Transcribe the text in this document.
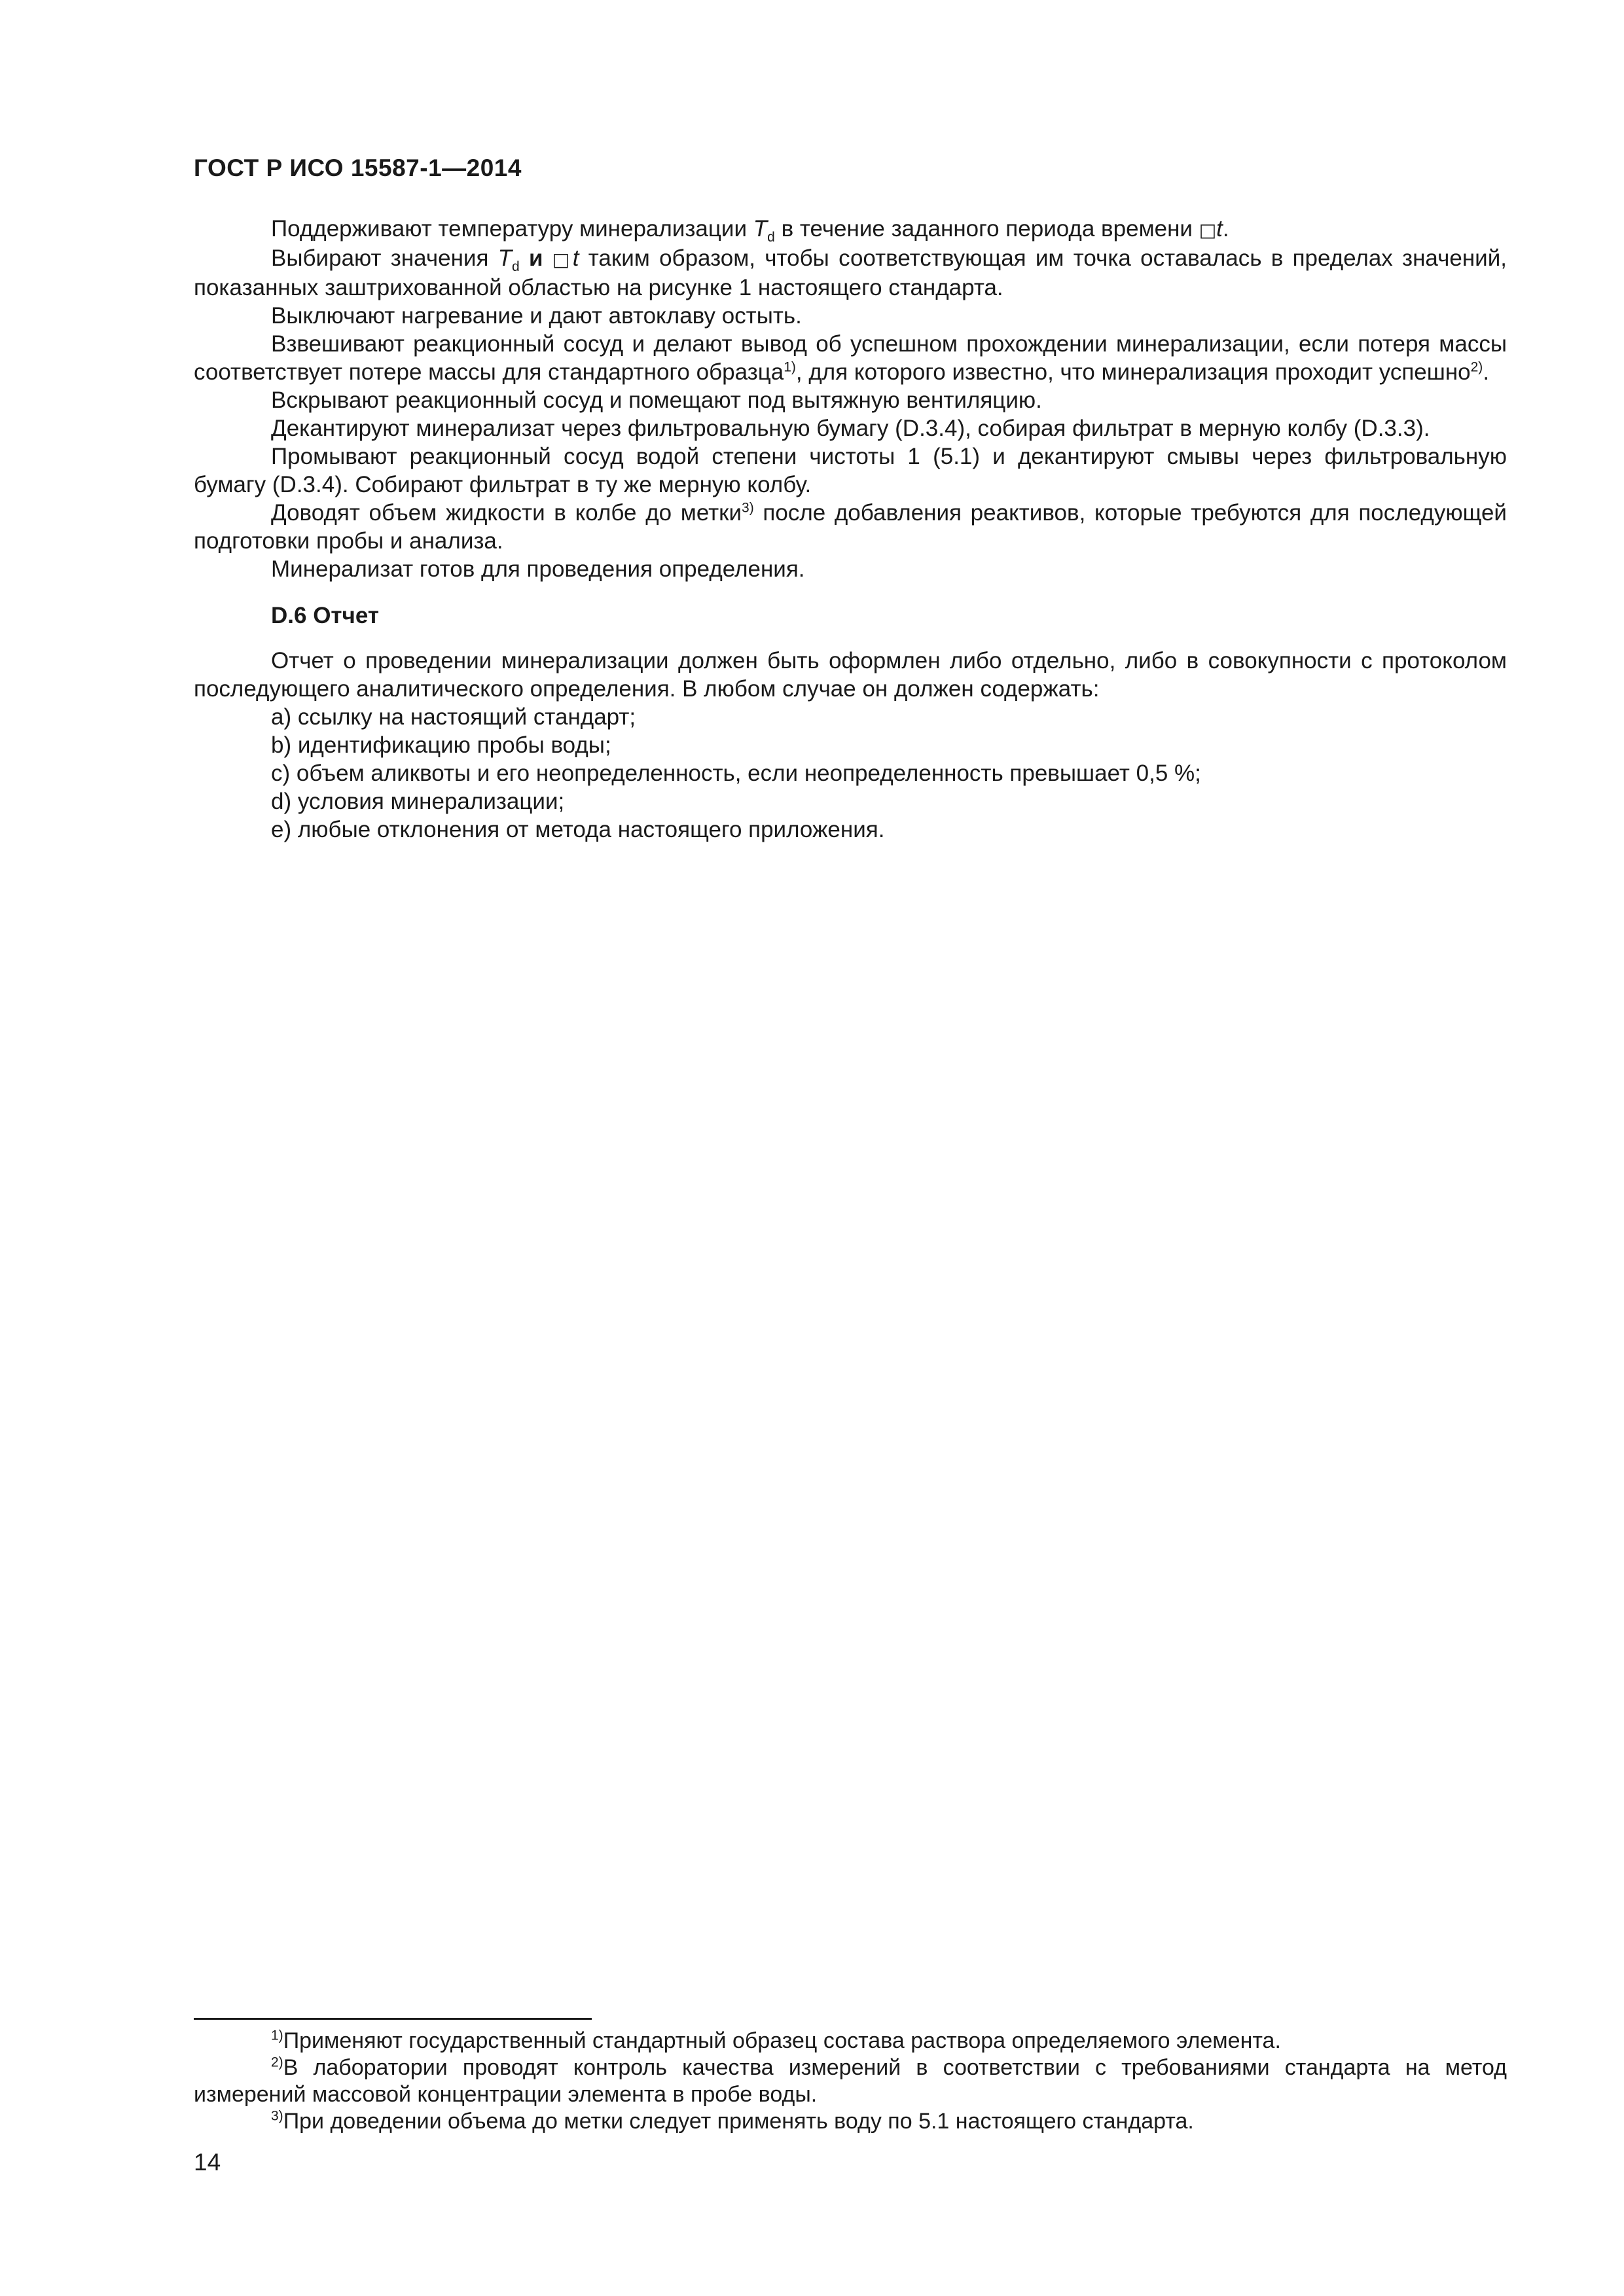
ГОСТ Р ИСО 15587-1—2014

Поддерживают температуру минерализации $T_d$ в течение заданного периода времени □t.

Выбирают значения $T_d$ и □t таким образом, чтобы соответствующая им точка оставалась в пределах значений, показанных заштрихованной областью на рисунке 1 настоящего стандарта.

Выключают нагревание и дают автоклаву остыть.

Взвешивают реакционный сосуд и делают вывод об успешном прохождении минерализации, если потеря массы соответствует потере массы для стандартного образца$^{1)}$, для которого известно, что минерализация проходит успешно$^{2)}$.

Вскрывают реакционный сосуд и помещают под вытяжную вентиляцию.

Декантируют минерализат через фильтровальную бумагу (D.3.4), собирая фильтрат в мерную колбу (D.3.3).

Промывают реакционный сосуд водой степени чистоты 1 (5.1) и декантируют смывы через фильтровальную бумагу (D.3.4). Собирают фильтрат в ту же мерную колбу.

Доводят объем жидкости в колбе до метки$^{3)}$ после добавления реактивов, которые требуются для последующей подготовки пробы и анализа.

Минерализат готов для проведения определения.

D.6 Отчет

Отчет о проведении минерализации должен быть оформлен либо отдельно, либо в совокупности с протоколом последующего аналитического определения. В любом случае он должен содержать:

a) ссылку на настоящий стандарт;

b) идентификацию пробы воды;

c) объем аликвоты и его неопределенность, если неопределенность превышает 0,5 %;

d) условия минерализации;

e) любые отклонения от метода настоящего приложения.

$^{1)}$Применяют государственный стандартный образец состава раствора определяемого элемента.

$^{2)}$В лаборатории проводят контроль качества измерений в соответствии с требованиями стандарта на метод измерений массовой концентрации элемента в пробе воды.

$^{3)}$При доведении объема до метки следует применять воду по 5.1 настоящего стандарта.

14
